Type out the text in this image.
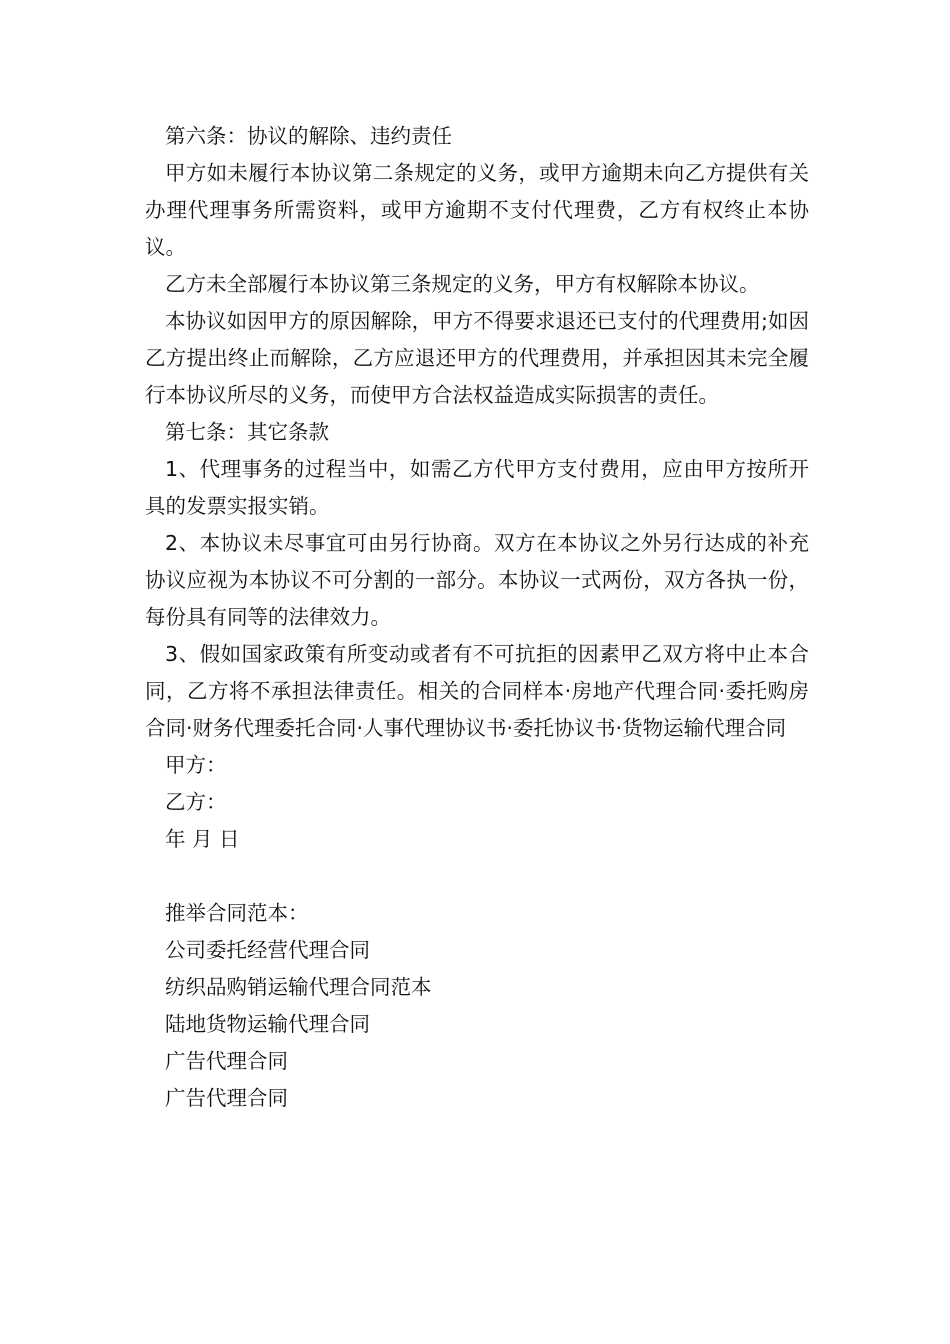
第六条：协议的解除、违约责任

甲方如未履行本协议第二条规定的义务，或甲方逾期未向乙方提供有关办理代理事务所需资料，或甲方逾期不支付代理费，乙方有权终止本协议。

乙方未全部履行本协议第三条规定的义务，甲方有权解除本协议。

本协议如因甲方的原因解除，甲方不得要求退还已支付的代理费用;如因乙方提出终止而解除，乙方应退还甲方的代理费用，并承担因其未完全履行本协议所尽的义务，而使甲方合法权益造成实际损害的责任。

第七条：其它条款

1、代理事务的过程当中，如需乙方代甲方支付费用，应由甲方按所开具的发票实报实销。

2、本协议未尽事宜可由另行协商。双方在本协议之外另行达成的补充协议应视为本协议不可分割的一部分。本协议一式两份，双方各执一份，每份具有同等的法律效力。

3、假如国家政策有所变动或者有不可抗拒的因素甲乙双方将中止本合同，乙方将不承担法律责任。相关的合同样本·房地产代理合同·委托购房合同·财务代理委托合同·人事代理协议书·委托协议书·货物运输代理合同

甲方：

乙方：

年 月 日

推举合同范本：

公司委托经营代理合同

纺织品购销运输代理合同范本

陆地货物运输代理合同

广告代理合同

广告代理合同
